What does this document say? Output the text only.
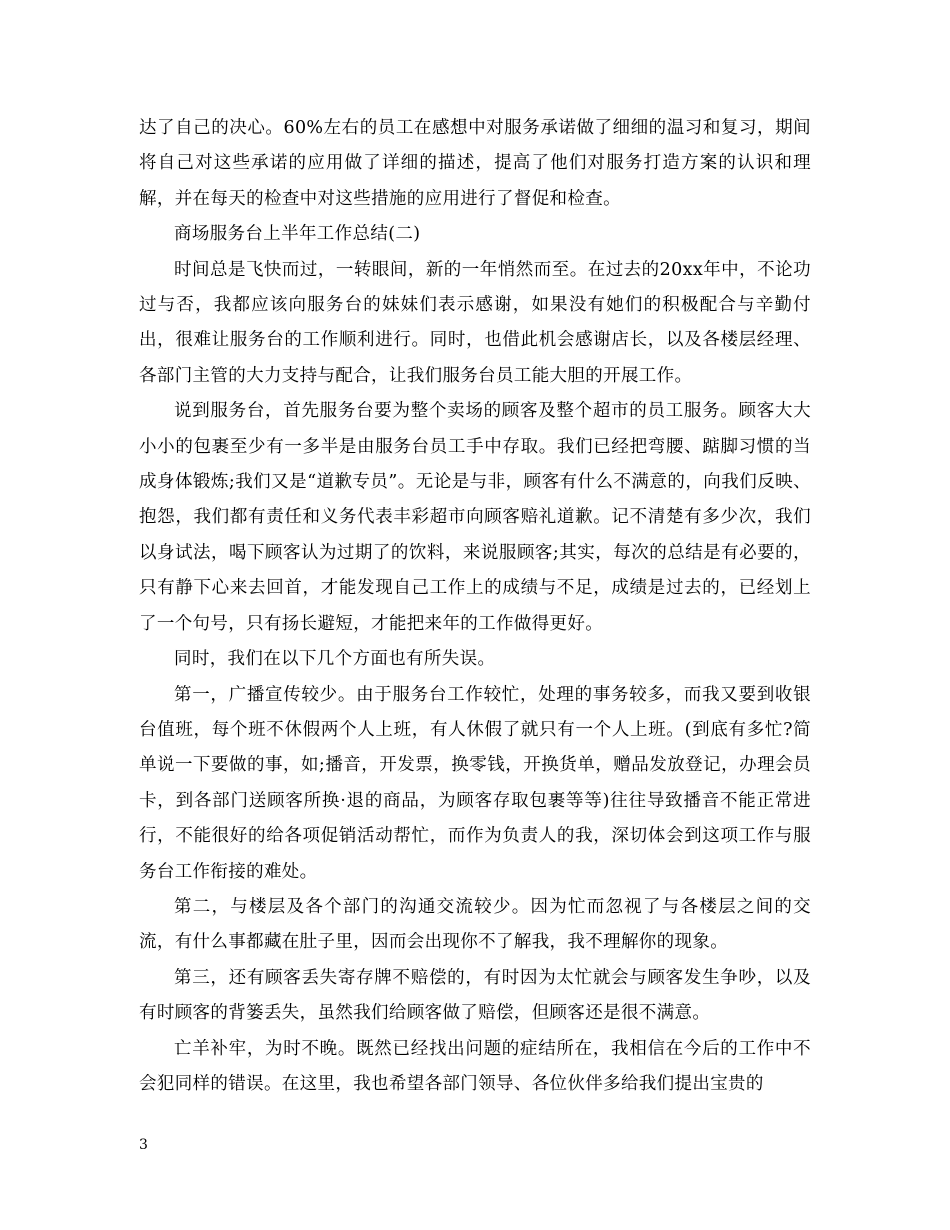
达了自己的决心。60%左右的员工在感想中对服务承诺做了细细的温习和复习，期间将自己对这些承诺的应用做了详细的描述，提高了他们对服务打造方案的认识和理解，并在每天的检查中对这些措施的应用进行了督促和检查。

商场服务台上半年工作总结(二)

时间总是飞快而过，一转眼间，新的一年悄然而至。在过去的20xx年中，不论功过与否，我都应该向服务台的妹妹们表示感谢，如果没有她们的积极配合与辛勤付出，很难让服务台的工作顺利进行。同时，也借此机会感谢店长，以及各楼层经理、各部门主管的大力支持与配合，让我们服务台员工能大胆的开展工作。

说到服务台，首先服务台要为整个卖场的顾客及整个超市的员工服务。顾客大大小小的包裹至少有一多半是由服务台员工手中存取。我们已经把弯腰、踮脚习惯的当成身体锻炼;我们又是“道歉专员”。无论是与非，顾客有什么不满意的，向我们反映、抱怨，我们都有责任和义务代表丰彩超市向顾客赔礼道歉。记不清楚有多少次，我们以身试法，喝下顾客认为过期了的饮料，来说服顾客;其实，每次的总结是有必要的，只有静下心来去回首，才能发现自己工作上的成绩与不足，成绩是过去的，已经划上了一个句号，只有扬长避短，才能把来年的工作做得更好。

同时，我们在以下几个方面也有所失误。

第一，广播宣传较少。由于服务台工作较忙，处理的事务较多，而我又要到收银台值班，每个班不休假两个人上班，有人休假了就只有一个人上班。(到底有多忙?简单说一下要做的事，如;播音，开发票，换零钱，开换货单，赠品发放登记，办理会员卡，到各部门送顾客所换·退的商品，为顾客存取包裹等等)往往导致播音不能正常进行，不能很好的给各项促销活动帮忙，而作为负责人的我，深切体会到这项工作与服务台工作衔接的难处。

第二，与楼层及各个部门的沟通交流较少。因为忙而忽视了与各楼层之间的交流，有什么事都藏在肚子里，因而会出现你不了解我，我不理解你的现象。

第三，还有顾客丢失寄存牌不赔偿的，有时因为太忙就会与顾客发生争吵，以及有时顾客的背篓丢失，虽然我们给顾客做了赔偿，但顾客还是很不满意。

亡羊补牢，为时不晚。既然已经找出问题的症结所在，我相信在今后的工作中不会犯同样的错误。在这里，我也希望各部门领导、各位伙伴多给我们提出宝贵的

3
